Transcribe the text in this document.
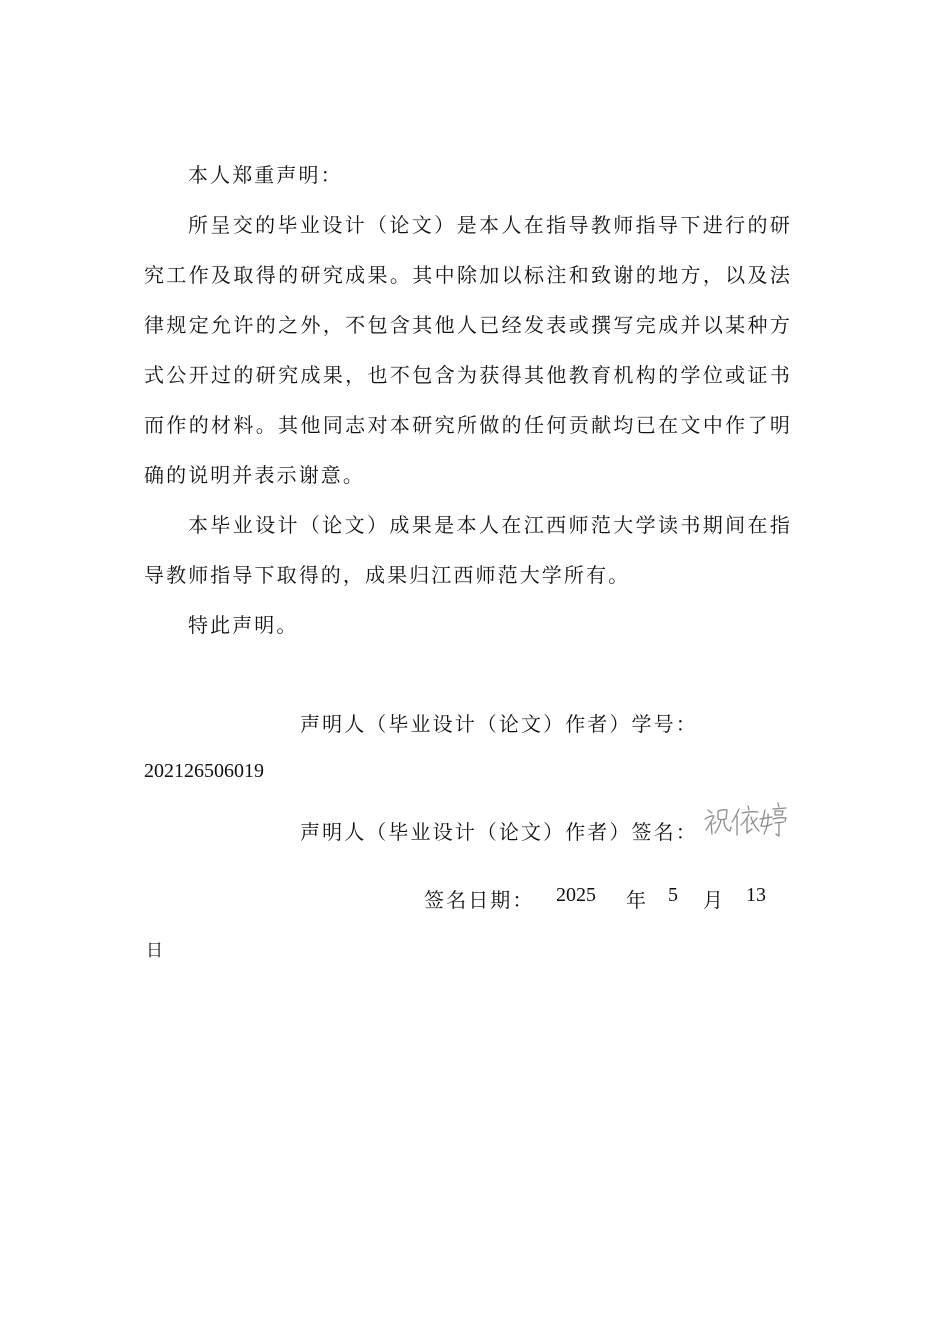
本人郑重声明：

所呈交的毕业设计（论文）是本人在指导教师指导下进行的研究工作及取得的研究成果。其中除加以标注和致谢的地方，以及法律规定允许的之外，不包含其他人已经发表或撰写完成并以某种方式公开过的研究成果，也不包含为获得其他教育机构的学位或证书而作的材料。其他同志对本研究所做的任何贡献均已在文中作了明确的说明并表示谢意。

本毕业设计（论文）成果是本人在江西师范大学读书期间在指导教师指导下取得的，成果归江西师范大学所有。

特此声明。

声明人（毕业设计（论文）作者）学号：
202126506019
声明人（毕业设计（论文）作者）签名：
签名日期： 2025 年 5 月 13
日
